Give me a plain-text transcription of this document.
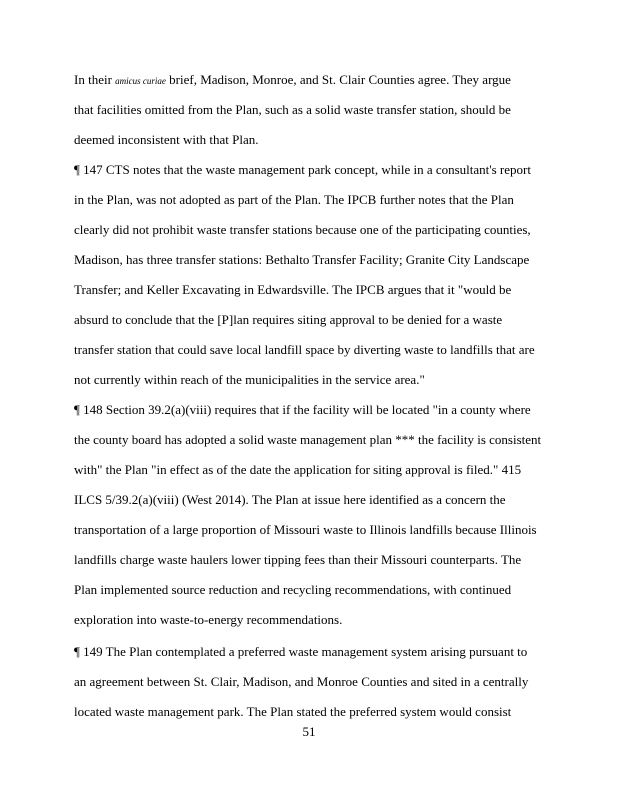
In their amicus curiae brief, Madison, Monroe, and St. Clair Counties agree. They argue
that facilities omitted from the Plan, such as a solid waste transfer station, should be
deemed inconsistent with that Plan.
¶ 147 CTS notes that the waste management park concept, while in a consultant's report
in the Plan, was not adopted as part of the Plan. The IPCB further notes that the Plan
clearly did not prohibit waste transfer stations because one of the participating counties,
Madison, has three transfer stations: Bethalto Transfer Facility; Granite City Landscape
Transfer; and Keller Excavating in Edwardsville. The IPCB argues that it "would be
absurd to conclude that the [P]lan requires siting approval to be denied for a waste
transfer station that could save local landfill space by diverting waste to landfills that are
not currently within reach of the municipalities in the service area."
¶ 148 Section 39.2(a)(viii) requires that if the facility will be located "in a county where
the county board has adopted a solid waste management plan *** the facility is consistent
with" the Plan "in effect as of the date the application for siting approval is filed." 415
ILCS 5/39.2(a)(viii) (West 2014). The Plan at issue here identified as a concern the
transportation of a large proportion of Missouri waste to Illinois landfills because Illinois
landfills charge waste haulers lower tipping fees than their Missouri counterparts. The
Plan implemented source reduction and recycling recommendations, with continued
exploration into waste-to-energy recommendations.
¶ 149 The Plan contemplated a preferred waste management system arising pursuant to
an agreement between St. Clair, Madison, and Monroe Counties and sited in a centrally
located waste management park. The Plan stated the preferred system would consist
51
